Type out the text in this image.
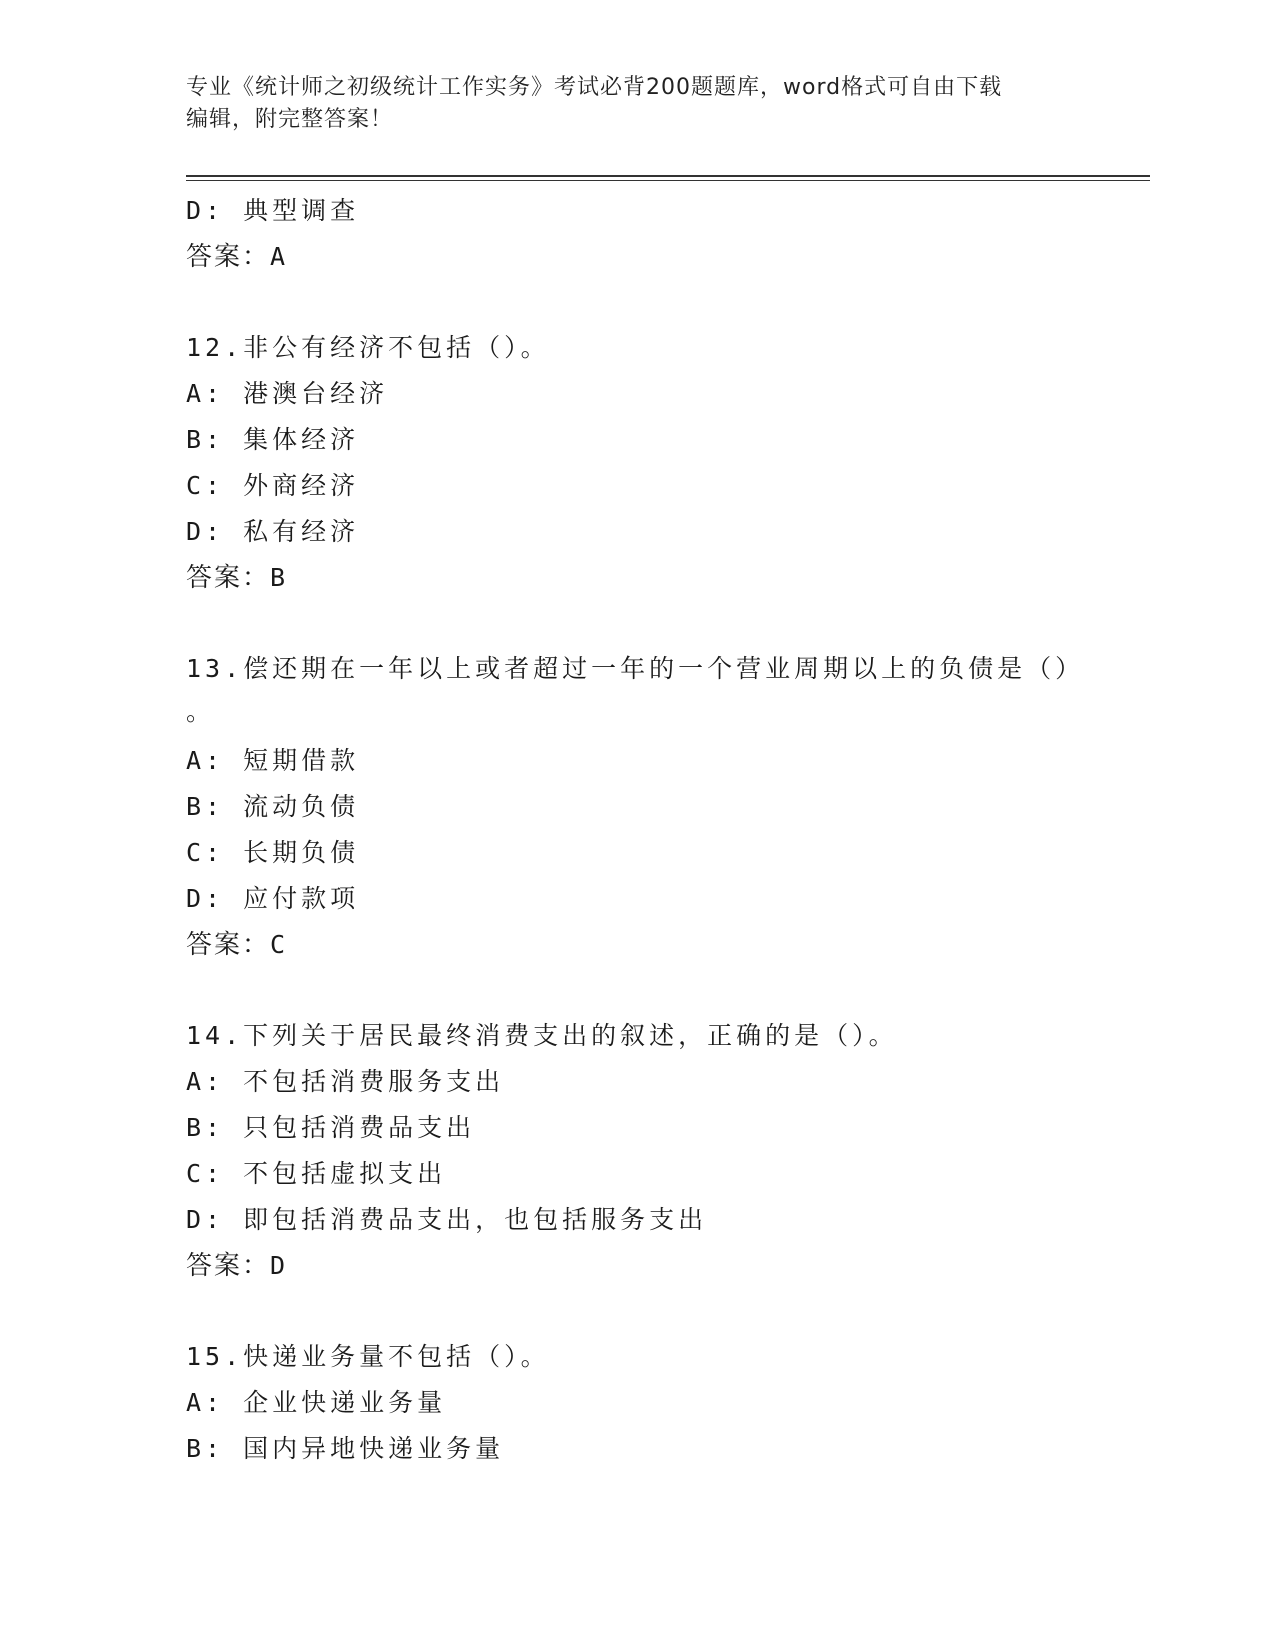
专业《统计师之初级统计工作实务》考试必背200题题库，word格式可自由下载
编辑，附完整答案！
D: 典型调查
答案：A
12.非公有经济不包括（）。
A: 港澳台经济
B: 集体经济
C: 外商经济
D: 私有经济
答案：B
13.偿还期在一年以上或者超过一年的一个营业周期以上的负债是（）
。
A: 短期借款
B: 流动负债
C: 长期负债
D: 应付款项
答案：C
14.下列关于居民最终消费支出的叙述，正确的是（）。
A: 不包括消费服务支出
B: 只包括消费品支出
C: 不包括虚拟支出
D: 即包括消费品支出，也包括服务支出
答案：D
15.快递业务量不包括（）。
A: 企业快递业务量
B: 国内异地快递业务量
